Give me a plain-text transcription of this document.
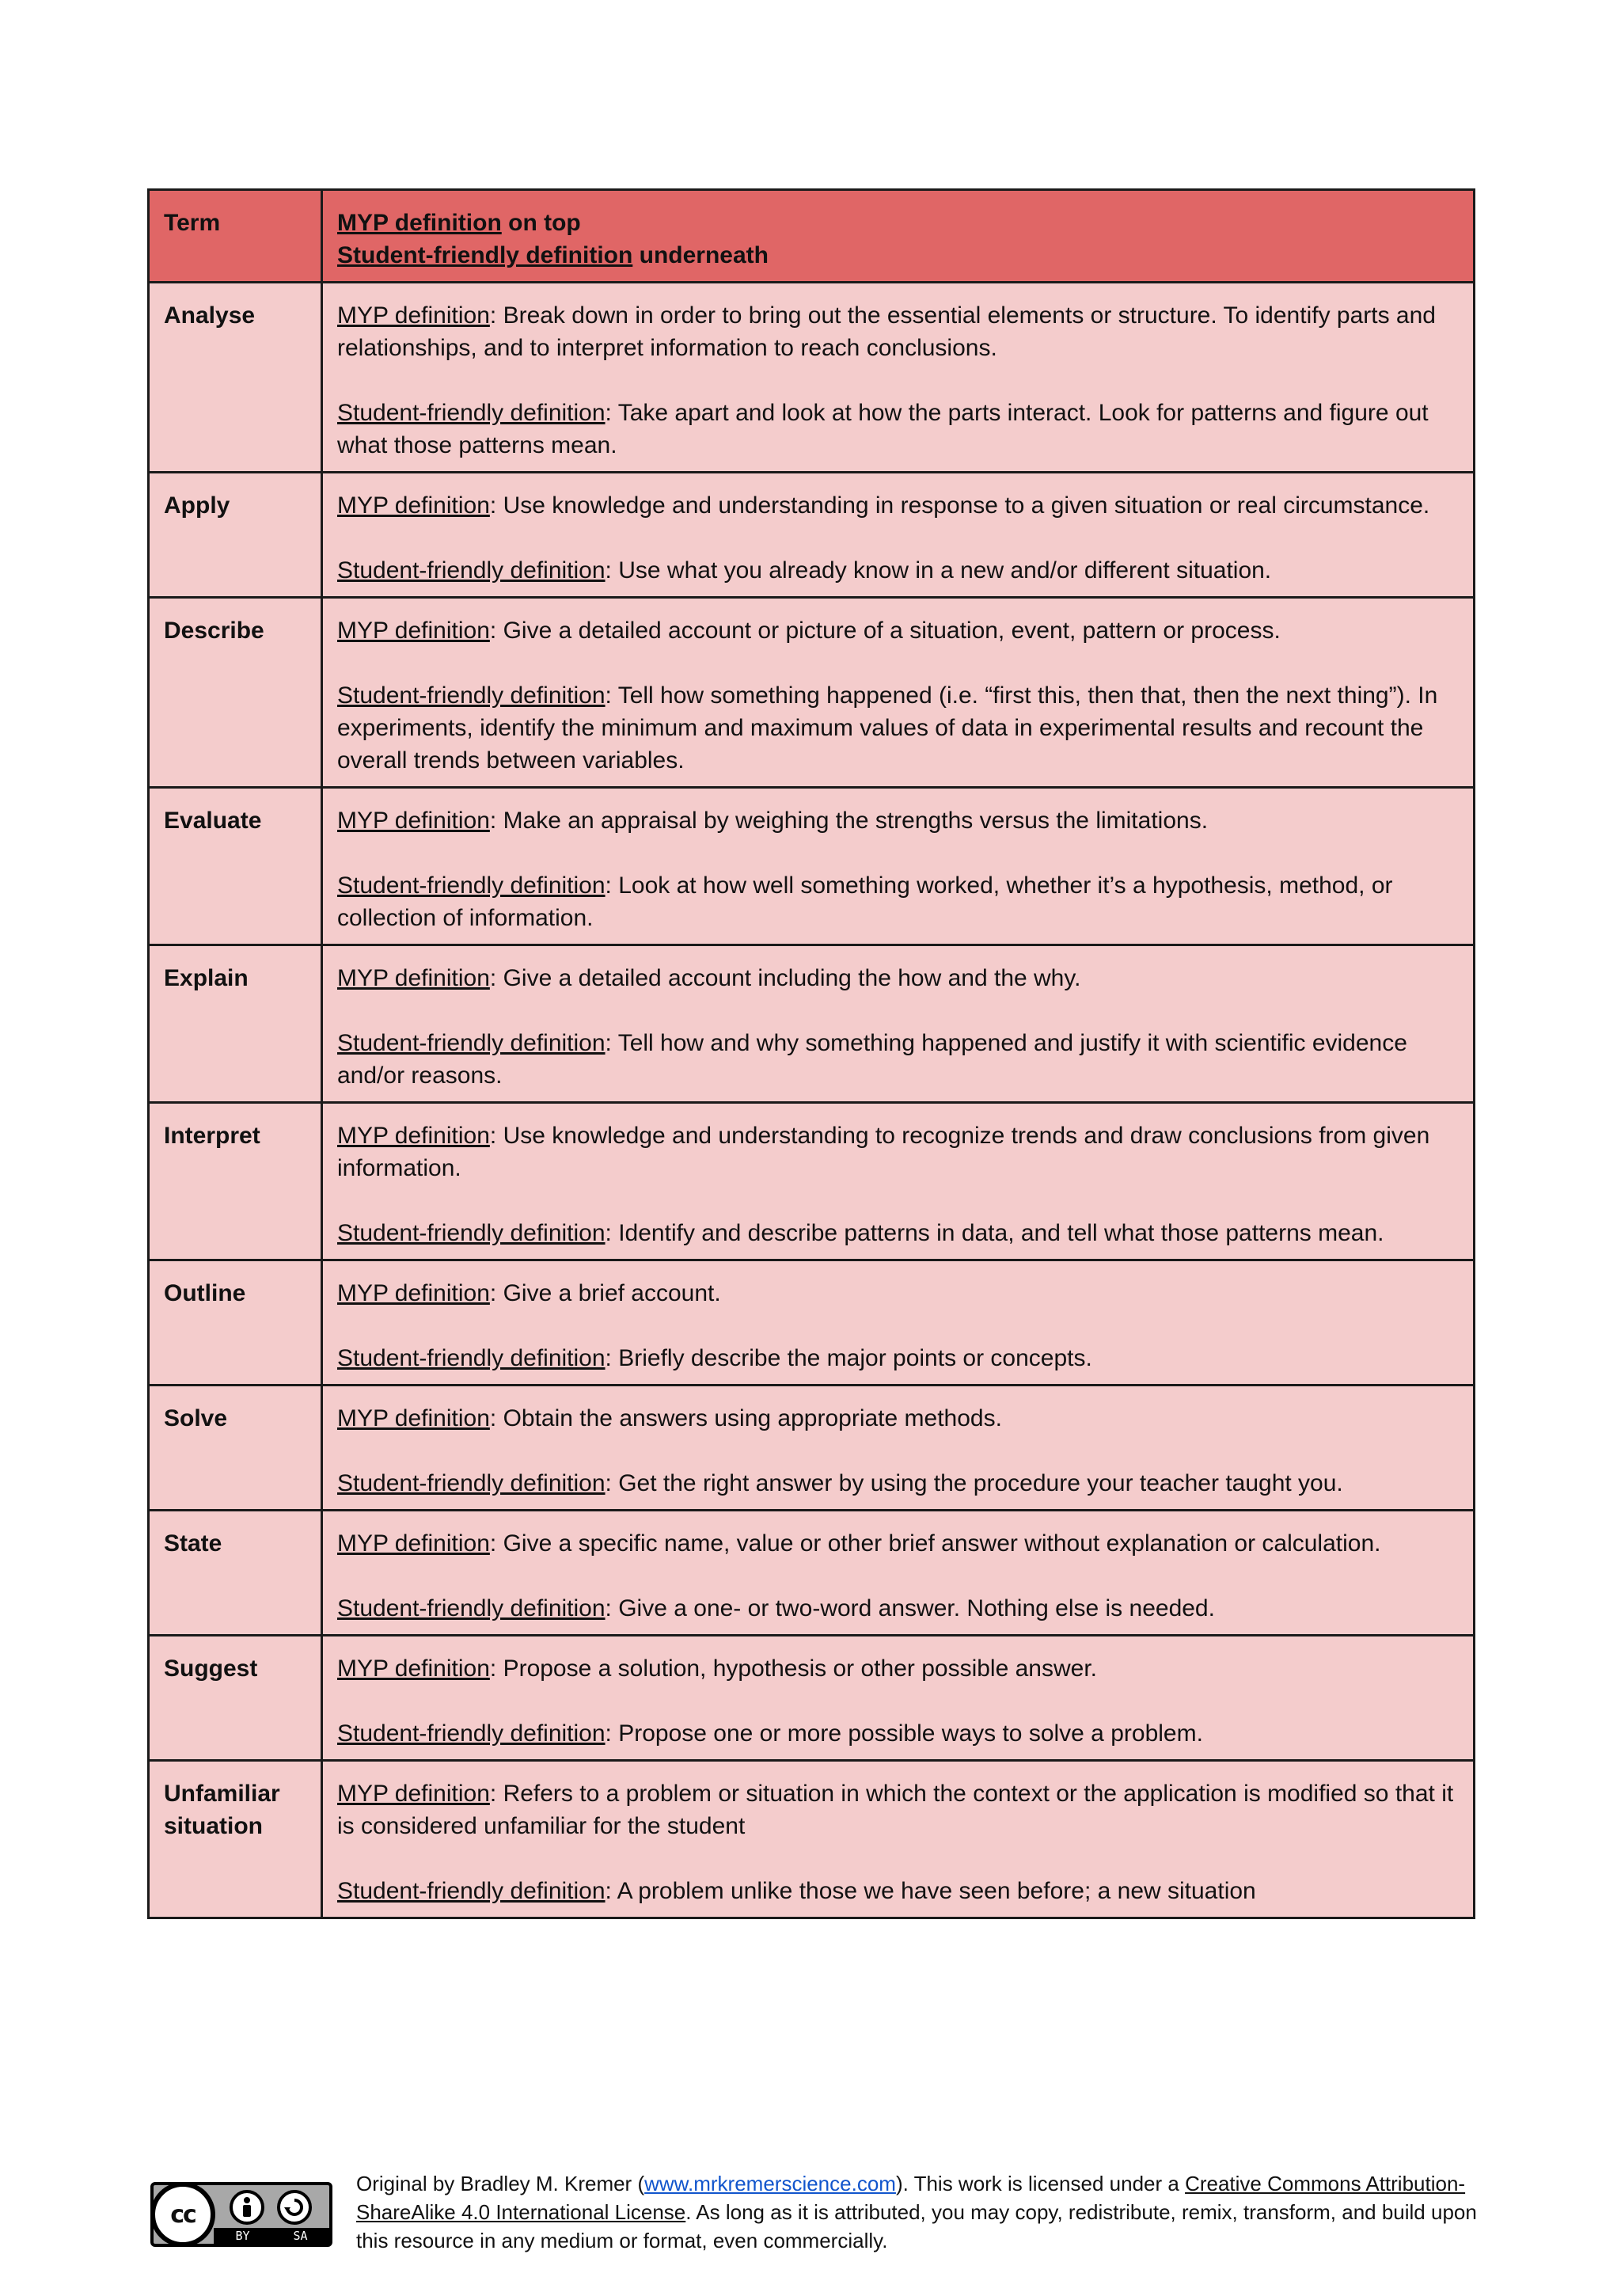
Term	MYP definition on top
Student-friendly definition underneath

Analyse	MYP definition: Break down in order to bring out the essential elements or structure. To identify parts and relationships, and to interpret information to reach conclusions.
Student-friendly definition: Take apart and look at how the parts interact. Look for patterns and figure out what those patterns mean.

Apply	MYP definition: Use knowledge and understanding in response to a given situation or real circumstance.
Student-friendly definition: Use what you already know in a new and/or different situation.

Describe	MYP definition: Give a detailed account or picture of a situation, event, pattern or process.
Student-friendly definition: Tell how something happened (i.e. “first this, then that, then the next thing”). In experiments, identify the minimum and maximum values of data in experimental results and recount the overall trends between variables.

Evaluate	MYP definition: Make an appraisal by weighing the strengths versus the limitations.
Student-friendly definition: Look at how well something worked, whether it’s a hypothesis, method, or collection of information.

Explain	MYP definition: Give a detailed account including the how and the why.
Student-friendly definition: Tell how and why something happened and justify it with scientific evidence and/or reasons.

Interpret	MYP definition: Use knowledge and understanding to recognize trends and draw conclusions from given information.
Student-friendly definition: Identify and describe patterns in data, and tell what those patterns mean.

Outline	MYP definition: Give a brief account.
Student-friendly definition: Briefly describe the major points or concepts.

Solve	MYP definition: Obtain the answers using appropriate methods.
Student-friendly definition: Get the right answer by using the procedure your teacher taught you.

State	MYP definition: Give a specific name, value or other brief answer without explanation or calculation.
Student-friendly definition: Give a one- or two-word answer. Nothing else is needed.

Suggest	MYP definition: Propose a solution, hypothesis or other possible answer.
Student-friendly definition: Propose one or more possible ways to solve a problem.

Unfamiliar situation	MYP definition: Refers to a problem or situation in which the context or the application is modified so that it is considered unfamiliar for the student
Student-friendly definition: A problem unlike those we have seen before; a new situation
cc
BY	SA
Original by Bradley M. Kremer (www.mrkremerscience.com). This work is licensed under a Creative Commons Attribution-ShareAlike 4.0 International License. As long as it is attributed, you may copy, redistribute, remix, transform, and build upon this resource in any medium or format, even commercially.
